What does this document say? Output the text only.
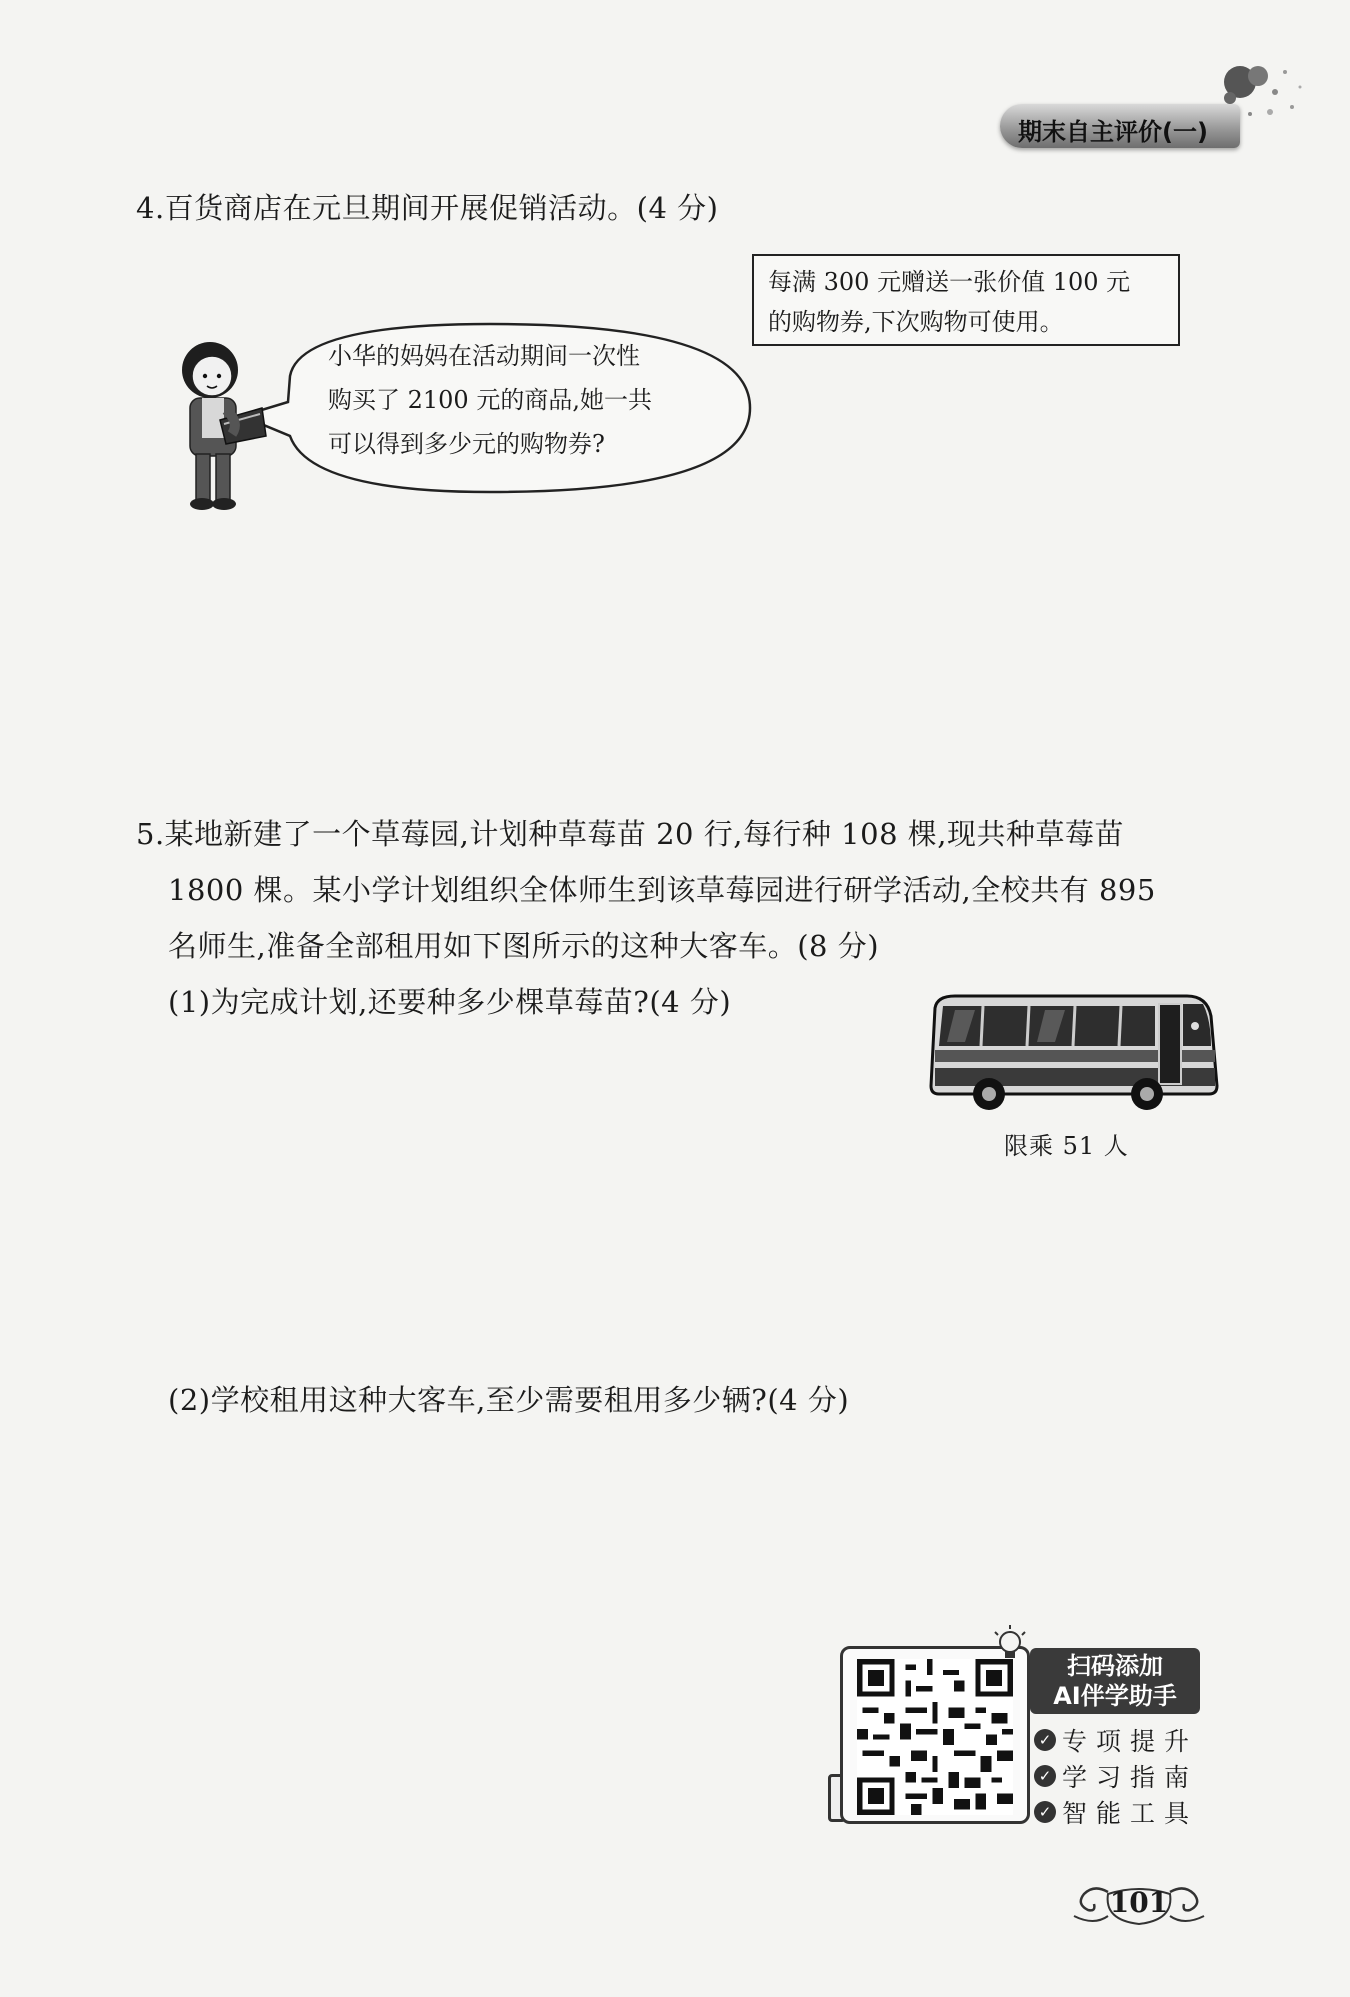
期末自主评价(一)
4.百货商店在元旦期间开展促销活动。(4 分)
每满 300 元赠送一张价值 100 元
的购物券,下次购物可使用。
小华的妈妈在活动期间一次性
购买了 2100 元的商品,她一共
可以得到多少元的购物券?
5.某地新建了一个草莓园,计划种草莓苗 20 行,每行种 108 棵,现共种草莓苗
1800 棵。某小学计划组织全体师生到该草莓园进行研学活动,全校共有 895
名师生,准备全部租用如下图所示的这种大客车。(8 分)
(1)为完成计划,还要种多少棵草莓苗?(4 分)
限乘 51 人
(2)学校租用这种大客车,至少需要租用多少辆?(4 分)
扫码添加
AI伴学助手
✓ 专项提升
✓ 学习指南
✓ 智能工具
101
